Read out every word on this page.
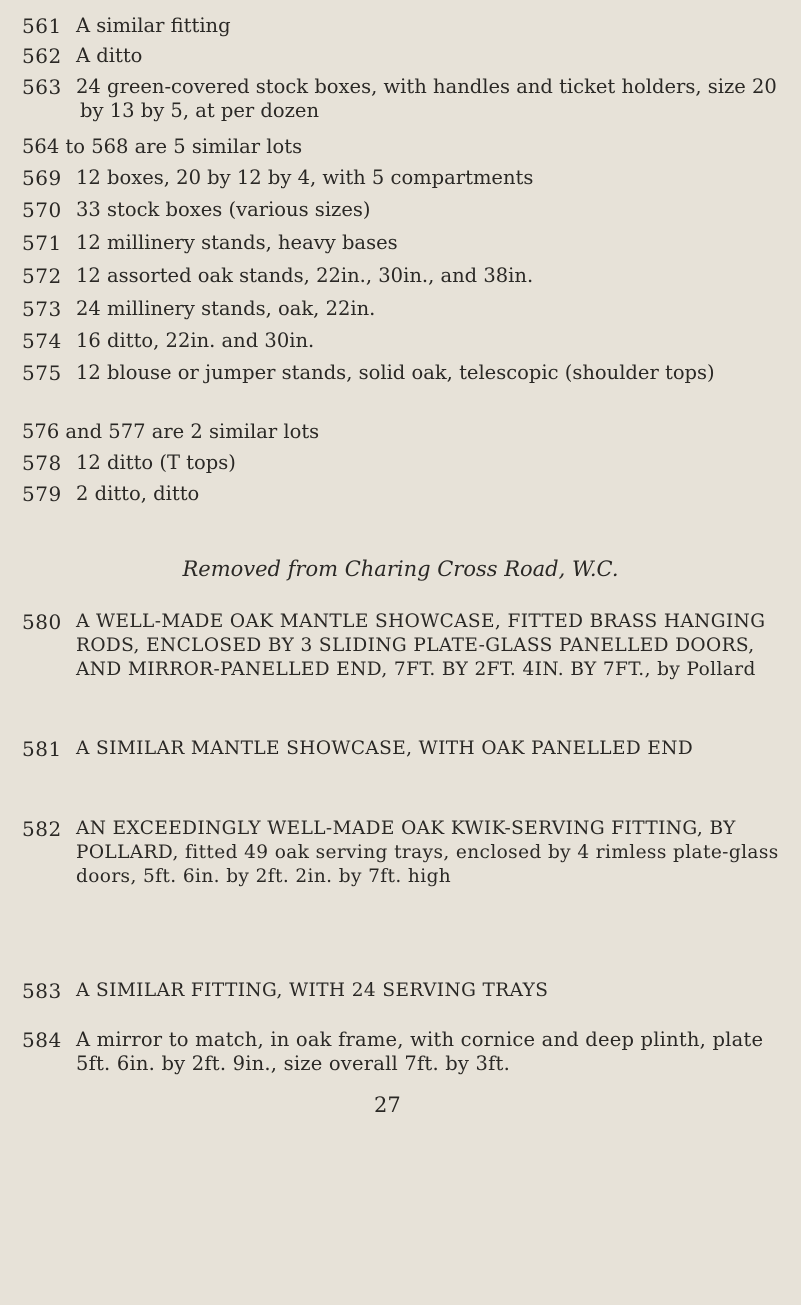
561 A similar fitting
562 A ditto
563 24 green-covered stock boxes, with handles and ticket holders, size 20 by 13 by 5, at per dozen
564 to 568 are 5 similar lots
569 12 boxes, 20 by 12 by 4, with 5 compartments
570 33 stock boxes (various sizes)
571 12 millinery stands, heavy bases
572 12 assorted oak stands, 22in., 30in., and 38in.
573 24 millinery stands, oak, 22in.
574 16 ditto, 22in. and 30in.
575 12 blouse or jumper stands, solid oak, telescopic (shoulder tops)
576 and 577 are 2 similar lots
578 12 ditto (T tops)
579 2 ditto, ditto
Removed from Charing Cross Road, W.C.
580 A WELL-MADE OAK MANTLE SHOWCASE, FITTED BRASS HANGING RODS, ENCLOSED BY 3 SLIDING PLATE-GLASS PANELLED DOORS, AND MIRROR-PANELLED END, 7FT. BY 2FT. 4IN. BY 7FT., by Pollard
581 A SIMILAR MANTLE SHOWCASE, WITH OAK PANELLED END
582 AN EXCEEDINGLY WELL-MADE OAK KWIK-SERVING FITTING, BY POLLARD, fitted 49 oak serving trays, enclosed by 4 rimless plate-glass doors, 5ft. 6in. by 2ft. 2in. by 7ft. high
583 A SIMILAR FITTING, WITH 24 SERVING TRAYS
584 A mirror to match, in oak frame, with cornice and deep plinth, plate 5ft. 6in. by 2ft. 9in., size overall 7ft. by 3ft.
27
